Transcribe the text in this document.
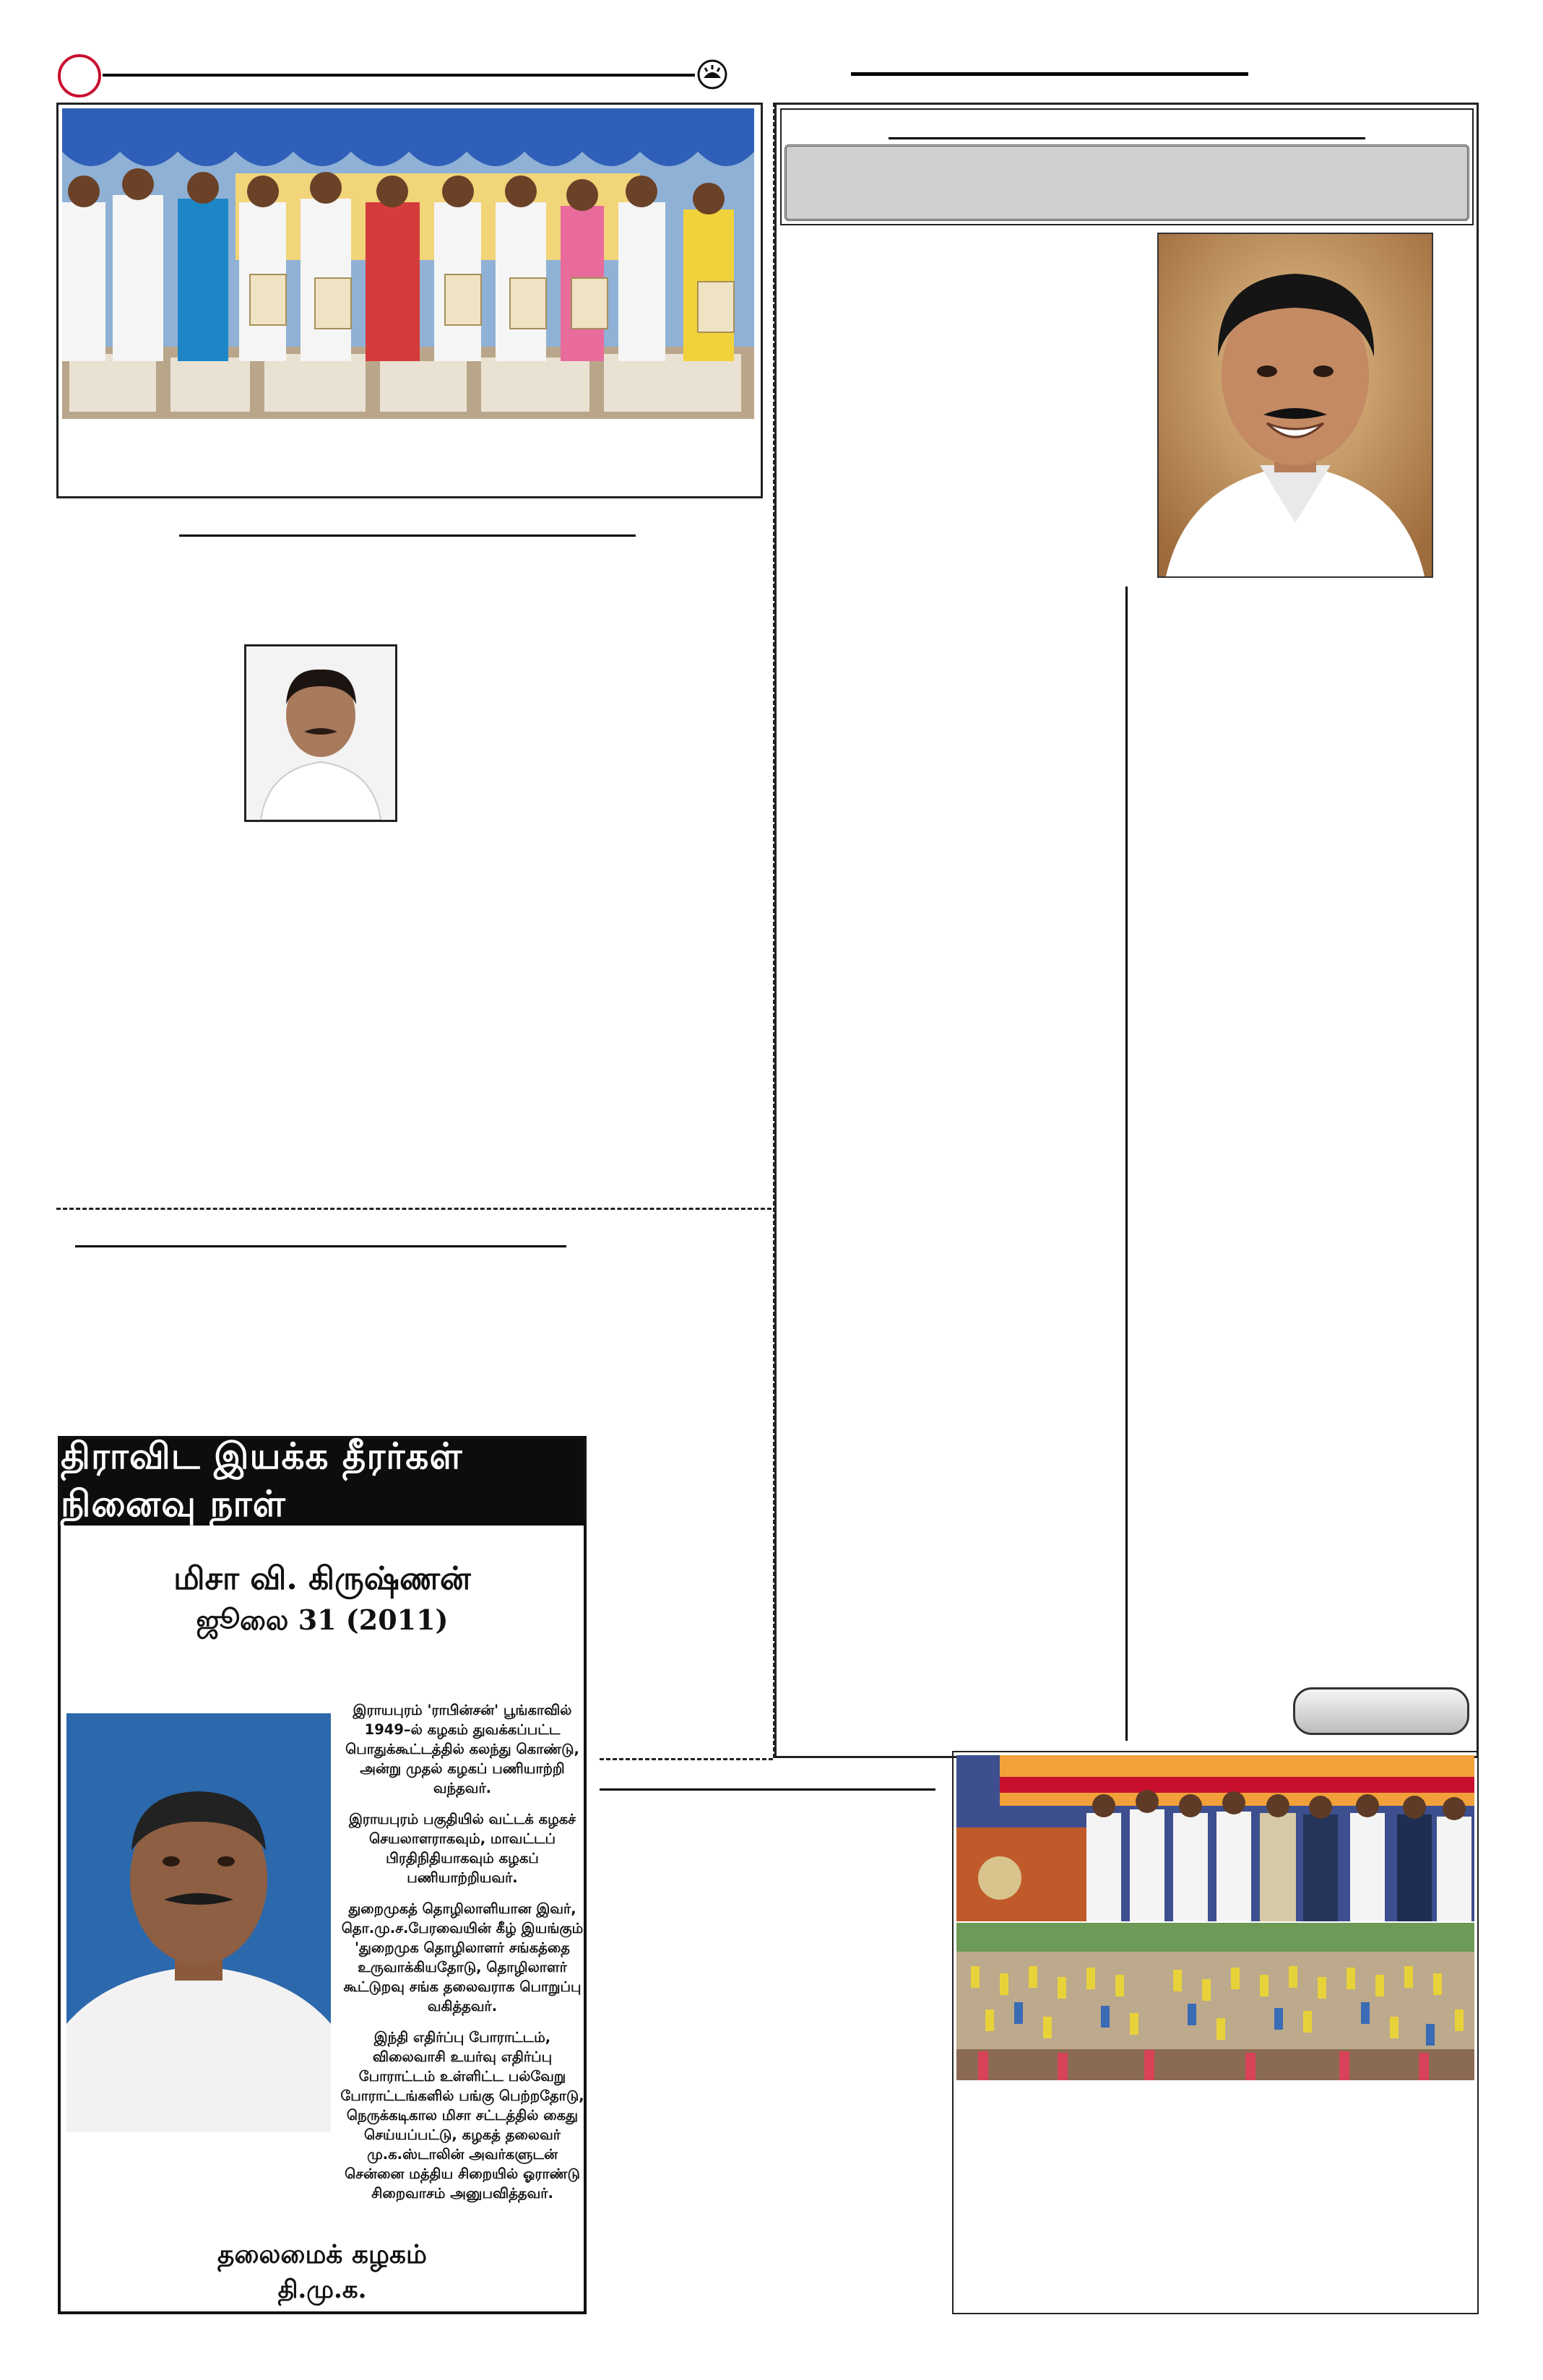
திராவிட இயக்க தீரர்கள் நினைவு நாள்
மிசா வி. கிருஷ்ணன்
ஜூலை 31 (2011)

இராயபுரம் 'ராபின்சன்' பூங்காவில் 1949–ல் கழகம் துவக்கப்பட்ட பொதுக்கூட்டத்தில் கலந்து கொண்டு, அன்று முதல் கழகப் பணியாற்றி வந்தவர்.

இராயபுரம் பகுதியில் வட்டக் கழகச் செயலாளராகவும், மாவட்டப் பிரதிநிதியாகவும் கழகப் பணியாற்றியவர்.

துறைமுகத் தொழிலாளியான இவர், தொ.மு.ச.பேரவையின் கீழ் இயங்கும் 'துறைமுக தொழிலாளர் சங்கத்தை உருவாக்கியதோடு, தொழிலாளர் கூட்டுறவு சங்க தலைவராக பொறுப்பு வகித்தவர்.

இந்தி எதிர்ப்பு போராட்டம், விலைவாசி உயர்வு எதிர்ப்பு போராட்டம் உள்ளிட்ட பல்வேறு போராட்டங்களில் பங்கு பெற்றதோடு, நெருக்கடிகால மிசா சட்டத்தில் கைது செய்யப்பட்டு, கழகத் தலைவர் மு.க.ஸ்டாலின் அவர்களுடன் சென்னை மத்திய சிறையில் ஓராண்டு சிறைவாசம் அனுபவித்தவர்.

தலைமைக் கழகம்
தி.மு.க.
